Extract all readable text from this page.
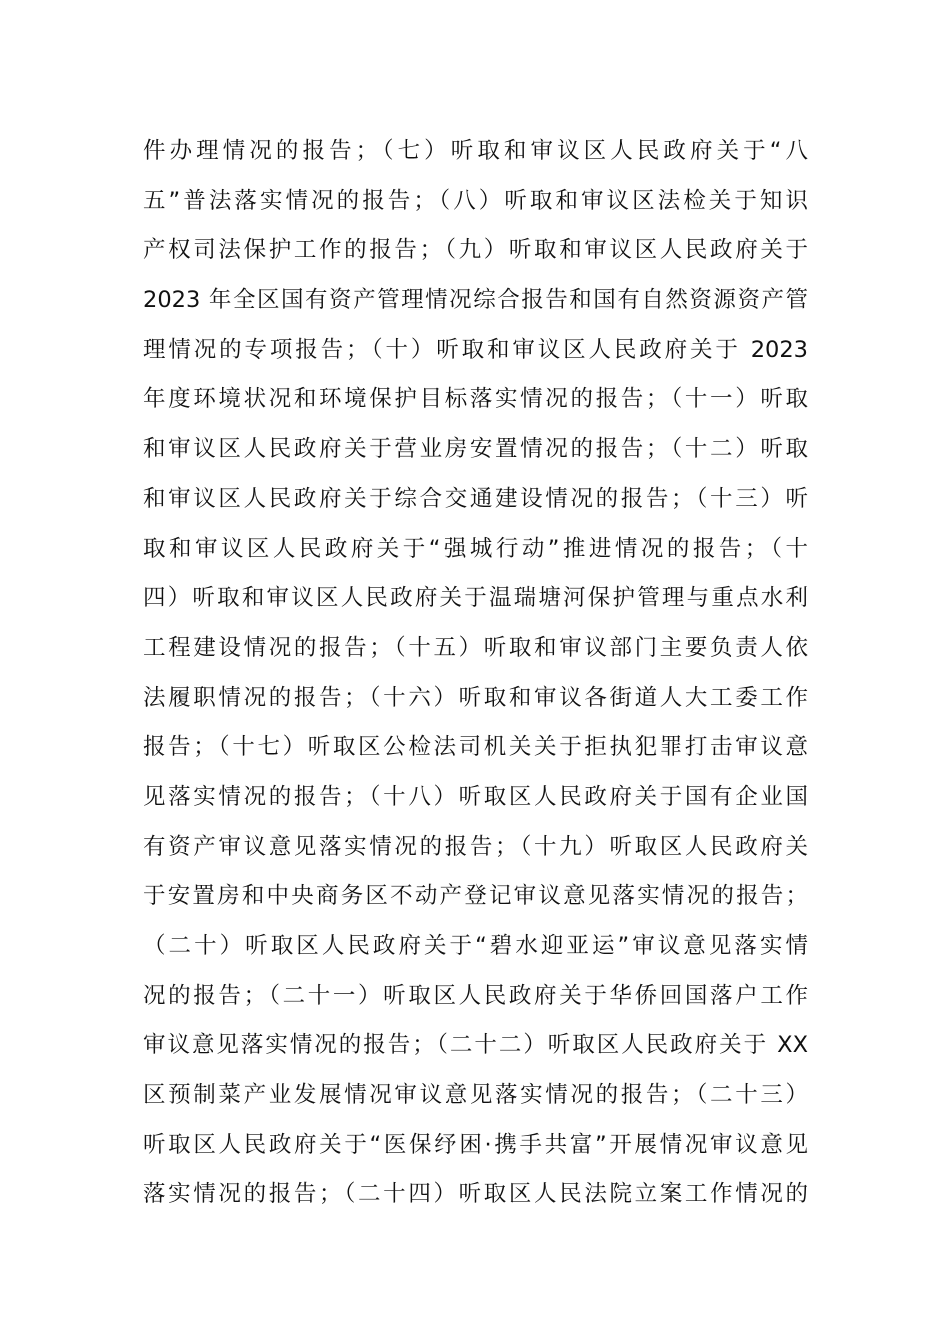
件办理情况的报告；（七）听取和审议区人民政府关于“八
五”普法落实情况的报告；（八）听取和审议区法检关于知识
产权司法保护工作的报告；（九）听取和审议区人民政府关于
2023 年全区国有资产管理情况综合报告和国有自然资源资产管
理情况的专项报告；（十）听取和审议区人民政府关于 2023
年度环境状况和环境保护目标落实情况的报告；（十一）听取
和审议区人民政府关于营业房安置情况的报告；（十二）听取
和审议区人民政府关于综合交通建设情况的报告；（十三）听
取和审议区人民政府关于“强城行动”推进情况的报告；（十
四）听取和审议区人民政府关于温瑞塘河保护管理与重点水利
工程建设情况的报告；（十五）听取和审议部门主要负责人依
法履职情况的报告；（十六）听取和审议各街道人大工委工作
报告；（十七）听取区公检法司机关关于拒执犯罪打击审议意
见落实情况的报告；（十八）听取区人民政府关于国有企业国
有资产审议意见落实情况的报告；（十九）听取区人民政府关
于安置房和中央商务区不动产登记审议意见落实情况的报告；
（二十）听取区人民政府关于“碧水迎亚运”审议意见落实情
况的报告；（二十一）听取区人民政府关于华侨回国落户工作
审议意见落实情况的报告；（二十二）听取区人民政府关于 XX
区预制菜产业发展情况审议意见落实情况的报告；（二十三）
听取区人民政府关于“医保纾困·携手共富”开展情况审议意见
落实情况的报告；（二十四）听取区人民法院立案工作情况的
